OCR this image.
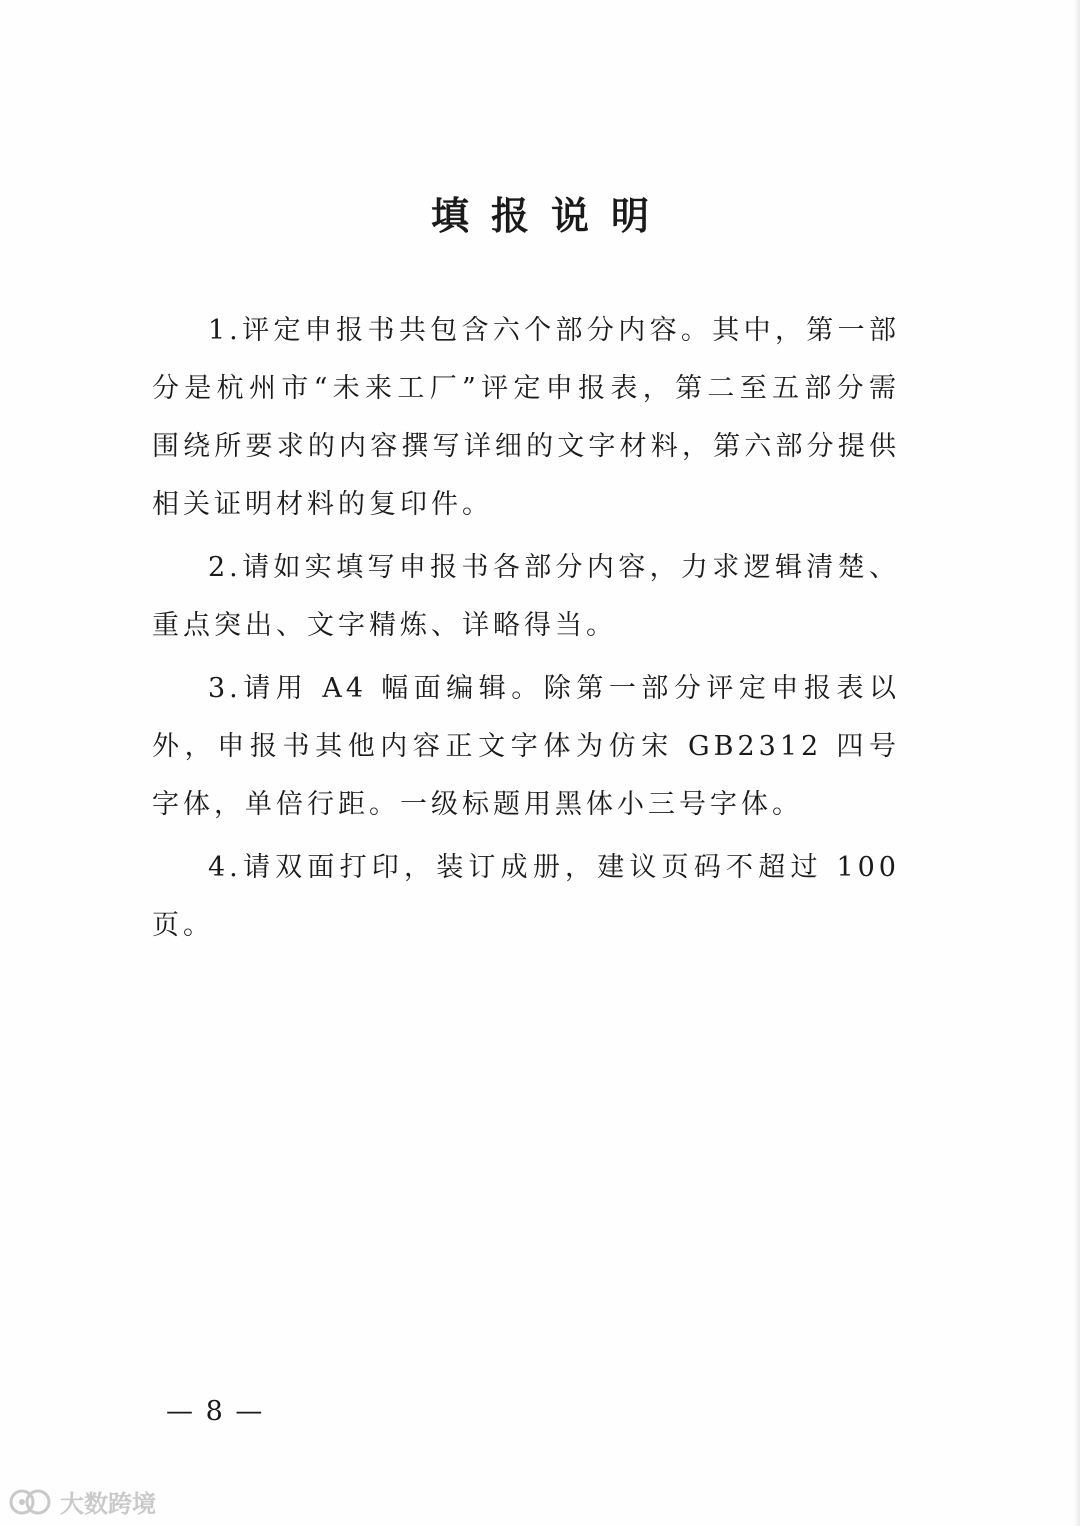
填报说明

1.评定申报书共包含六个部分内容。其中，第一部分是杭州市“未来工厂”评定申报表，第二至五部分需围绕所要求的内容撰写详细的文字材料，第六部分提供相关证明材料的复印件。

2.请如实填写申报书各部分内容，力求逻辑清楚、重点突出、文字精炼、详略得当。

3.请用 A4 幅面编辑。除第一部分评定申报表以外，申报书其他内容正文字体为仿宋 GB2312 四号字体，单倍行距。一级标题用黑体小三号字体。

4.请双面打印，装订成册，建议页码不超过 100 页。

— 8 —
大数跨境
